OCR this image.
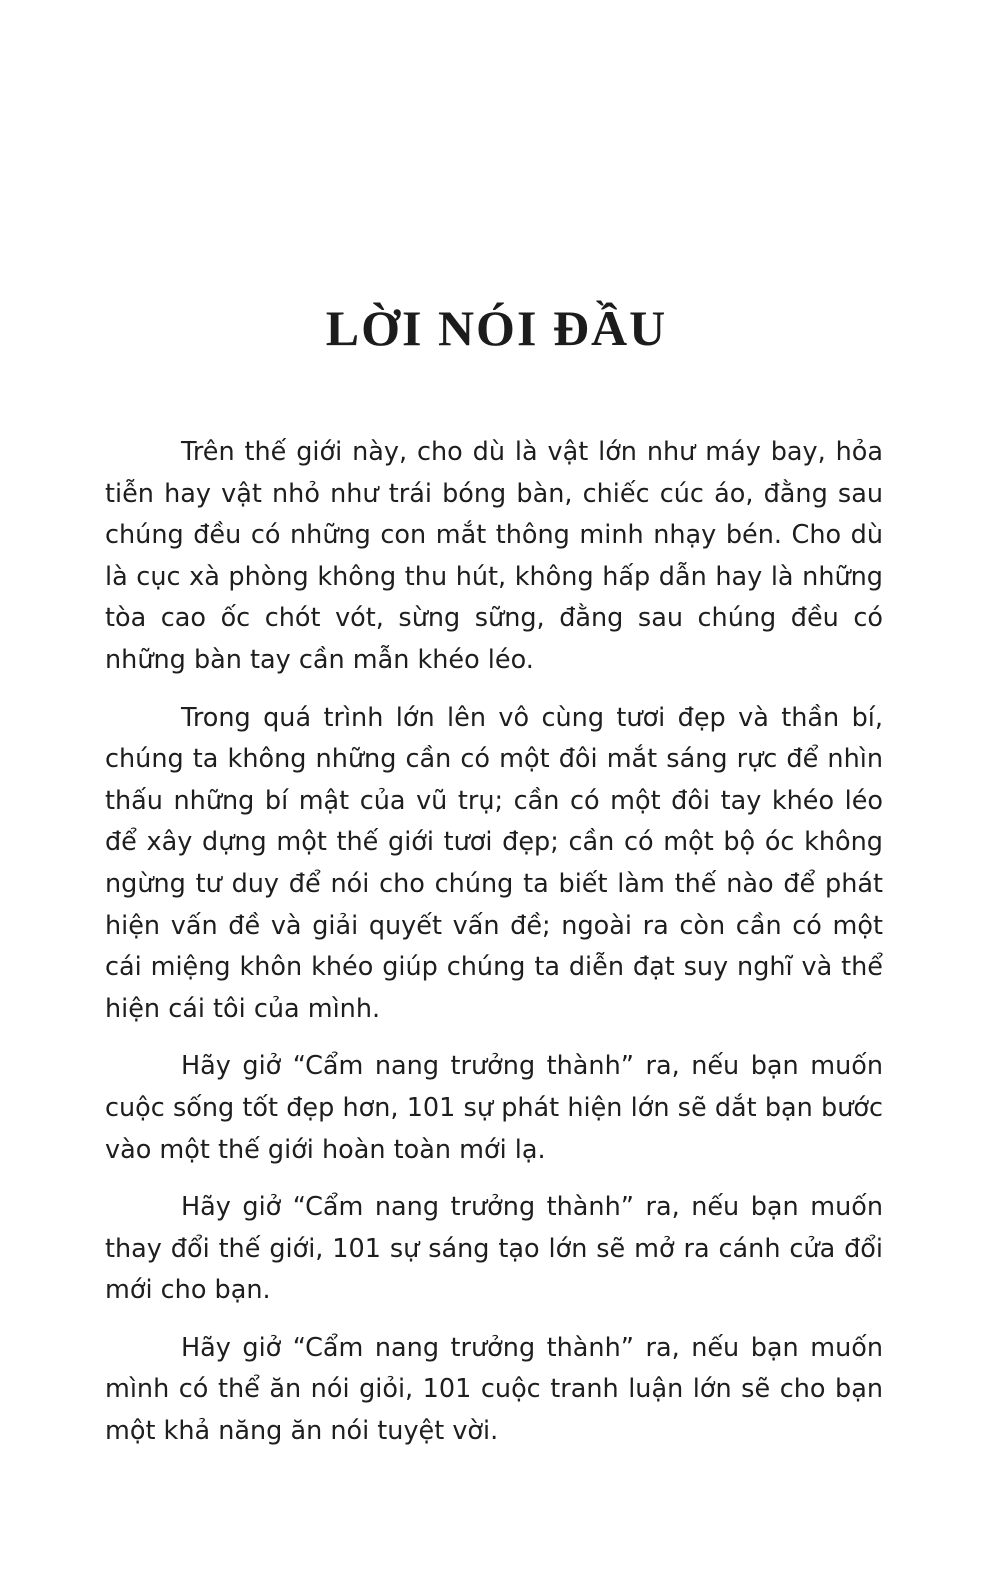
LỜI NÓI ĐẦU

Trên thế giới này, cho dù là vật lớn như máy bay, hỏa tiễn hay vật nhỏ như trái bóng bàn, chiếc cúc áo, đằng sau chúng đều có những con mắt thông minh nhạy bén. Cho dù là cục xà phòng không thu hút, không hấp dẫn hay là những tòa cao ốc chót vót, sừng sững, đằng sau chúng đều có những bàn tay cần mẫn khéo léo.

Trong quá trình lớn lên vô cùng tươi đẹp và thần bí, chúng ta không những cần có một đôi mắt sáng rực để nhìn thấu những bí mật của vũ trụ; cần có một đôi tay khéo léo để xây dựng một thế giới tươi đẹp; cần có một bộ óc không ngừng tư duy để nói cho chúng ta biết làm thế nào để phát hiện vấn đề và giải quyết vấn đề; ngoài ra còn cần có một cái miệng khôn khéo giúp chúng ta diễn đạt suy nghĩ và thể hiện cái tôi của mình.

Hãy giở “Cẩm nang trưởng thành” ra, nếu bạn muốn cuộc sống tốt đẹp hơn, 101 sự phát hiện lớn sẽ dắt bạn bước vào một thế giới hoàn toàn mới lạ.

Hãy giở “Cẩm nang trưởng thành” ra, nếu bạn muốn thay đổi thế giới, 101 sự sáng tạo lớn sẽ mở ra cánh cửa đổi mới cho bạn.

Hãy giở “Cẩm nang trưởng thành” ra, nếu bạn muốn mình có thể ăn nói giỏi, 101 cuộc tranh luận lớn sẽ cho bạn một khả năng ăn nói tuyệt vời.
